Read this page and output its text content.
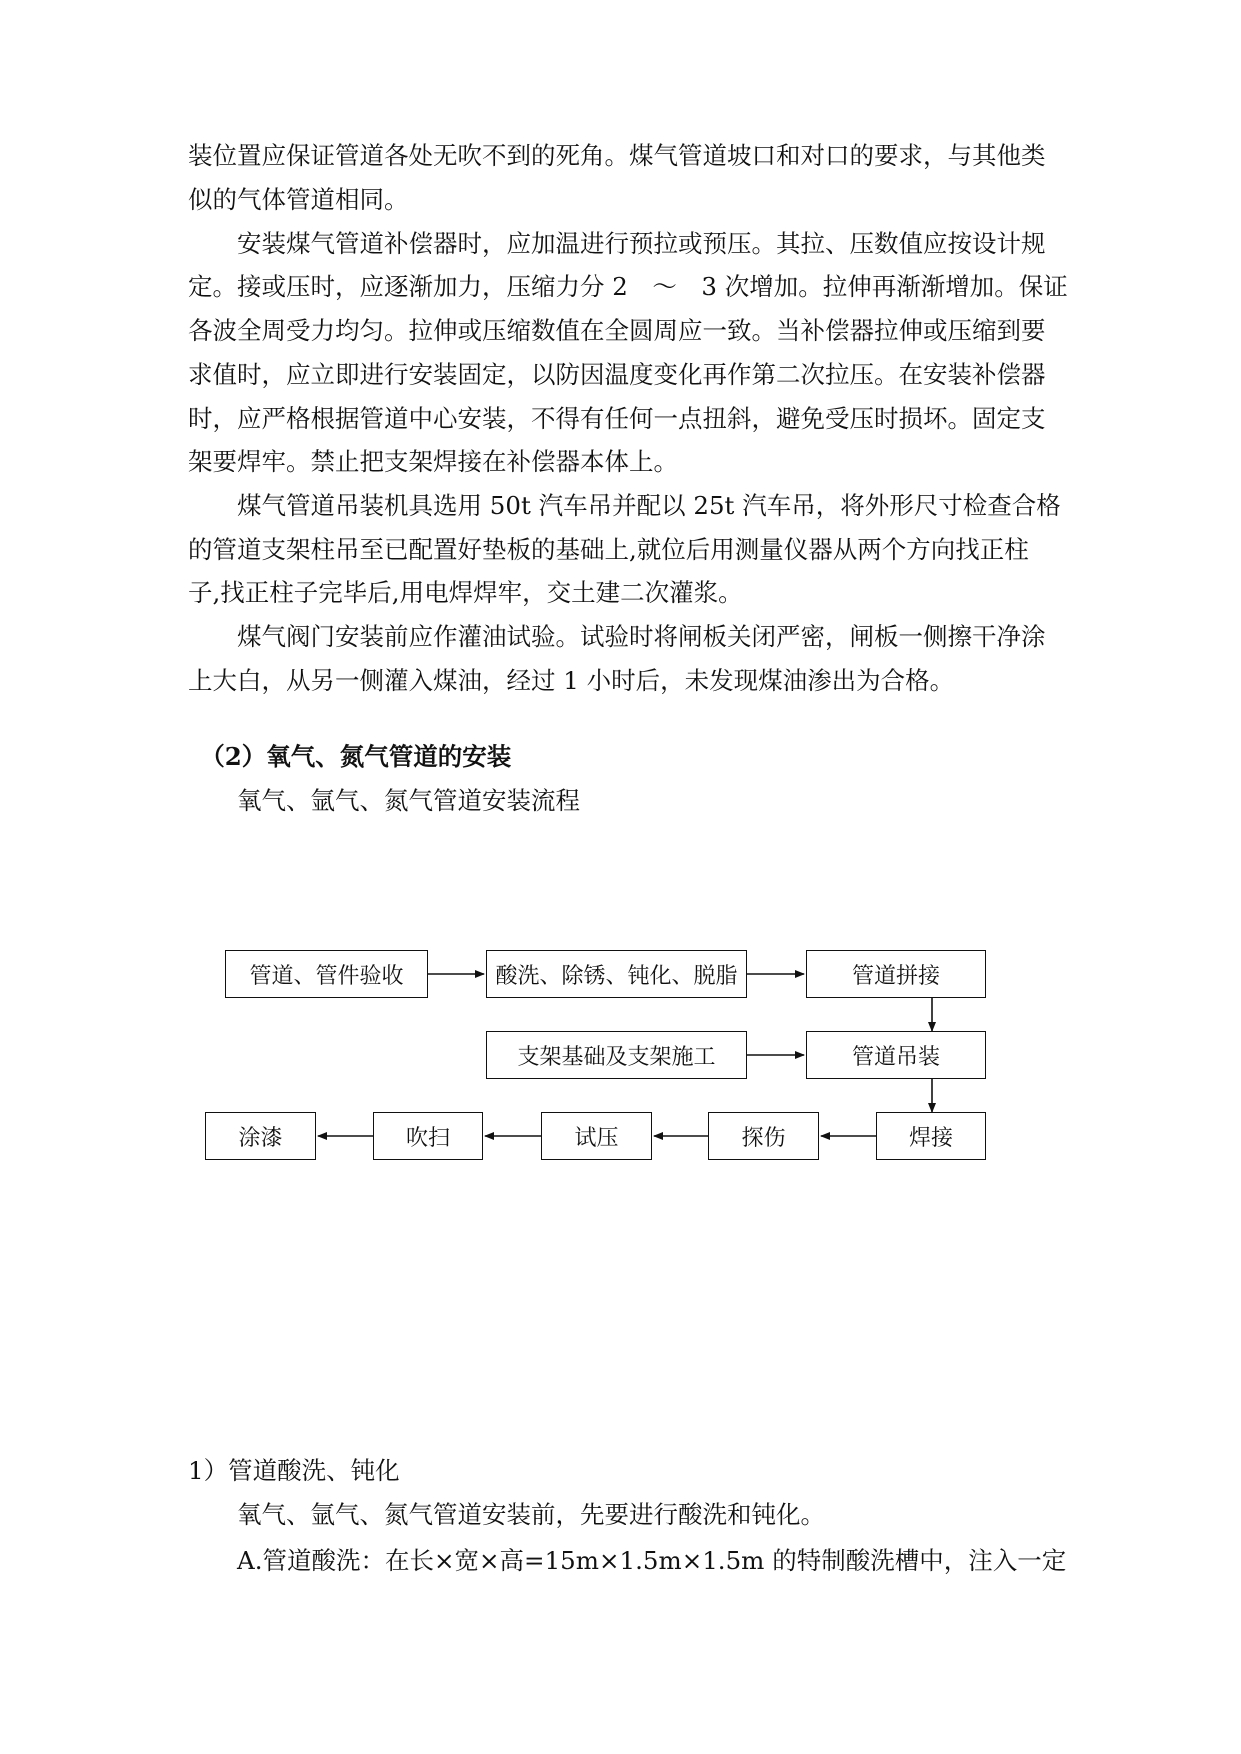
装位置应保证管道各处无吹不到的死角。煤气管道坡口和对口的要求，与其他类
似的气体管道相同。
　　安装煤气管道补偿器时，应加温进行预拉或预压。其拉、压数值应按设计规
定。接或压时，应逐渐加力，压缩力分 2　～　3 次增加。拉伸再渐渐增加。保证
各波全周受力均匀。拉伸或压缩数值在全圆周应一致。当补偿器拉伸或压缩到要
求值时，应立即进行安装固定，以防因温度变化再作第二次拉压。在安装补偿器
时，应严格根据管道中心安装，不得有任何一点扭斜，避免受压时损坏。固定支
架要焊牢。禁止把支架焊接在补偿器本体上。
　　煤气管道吊装机具选用 50t 汽车吊并配以 25t 汽车吊，将外形尺寸检查合格
的管道支架柱吊至已配置好垫板的基础上,就位后用测量仪器从两个方向找正柱
子,找正柱子完毕后,用电焊焊牢，交土建二次灌浆。
　　煤气阀门安装前应作灌油试验。试验时将闸板关闭严密，闸板一侧擦干净涂
上大白，从另一侧灌入煤油，经过 1 小时后，未发现煤油渗出为合格。
　（2）氧气、氮气管道的安装
　　氧气、氩气、氮气管道安装流程
管道、管件验收	酸洗、除锈、钝化、脱脂	管道拼接
支架基础及支架施工	管道吊装
焊接
探伤
试压
吹扫
涂漆
1）管道酸洗、钝化
　　氧气、氩气、氮气管道安装前，先要进行酸洗和钝化。
　　A.管道酸洗：在长×宽×高=15m×1.5m×1.5m 的特制酸洗槽中，注入一定
